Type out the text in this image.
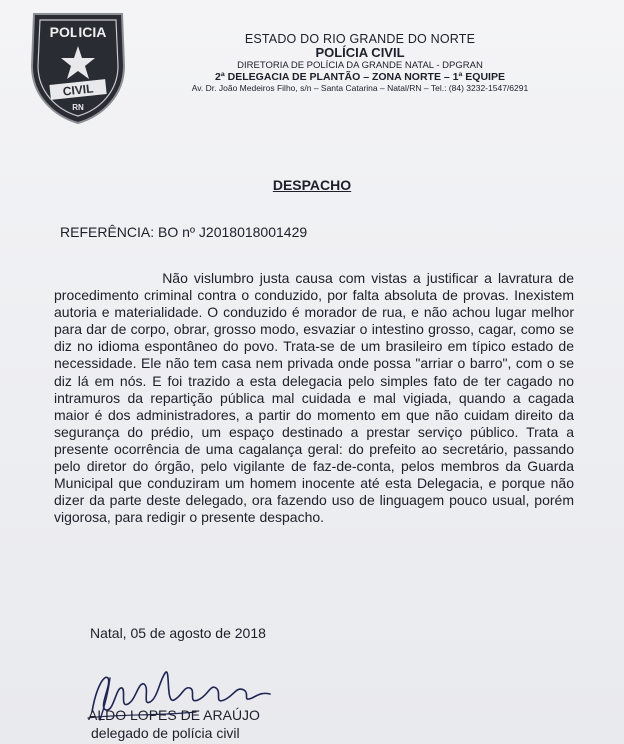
POLICIA
CIVIL
RN
ESTADO DO RIO GRANDE DO NORTE
POLÍCIA CIVIL
DIRETORIA DE POLÍCIA DA GRANDE NATAL - DPGRAN
2ª DELEGACIA DE PLANTÃO – ZONA NORTE – 1ª EQUIPE
Av. Dr. João Medeiros Filho, s/n – Santa Catarina – Natal/RN – Tel.: (84) 3232-1547/6291
DESPACHO
REFERÊNCIA: BO nº J2018018001429

Não vislumbro justa causa com vistas a justificar a lavratura de procedimento criminal contra o conduzido, por falta absoluta de provas. Inexistem autoria e materialidade. O conduzido é morador de rua, e não achou lugar melhor para dar de corpo, obrar, grosso modo, esvaziar o intestino grosso, cagar, como se diz no idioma espontâneo do povo. Trata-se de um brasileiro em típico estado de necessidade. Ele não tem casa nem privada onde possa "arriar o barro", com o se diz lá em nós. E foi trazido a esta delegacia pelo simples fato de ter cagado no intramuros da repartição pública mal cuidada e mal vigiada, quando a cagada maior é dos administradores, a partir do momento em que não cuidam direito da segurança do prédio, um espaço destinado a prestar serviço público. Trata a presente ocorrência de uma cagalança geral: do prefeito ao secretário, passando pelo diretor do órgão, pelo vigilante de faz-de-conta, pelos membros da Guarda Municipal que conduziram um homem inocente até esta Delegacia, e porque não dizer da parte deste delegado, ora fazendo uso de linguagem pouco usual, porém vigorosa, para redigir o presente despacho.

Natal, 05 de agosto de 2018
ALDO LOPES DE ARAÚJO
delegado de polícia civil
